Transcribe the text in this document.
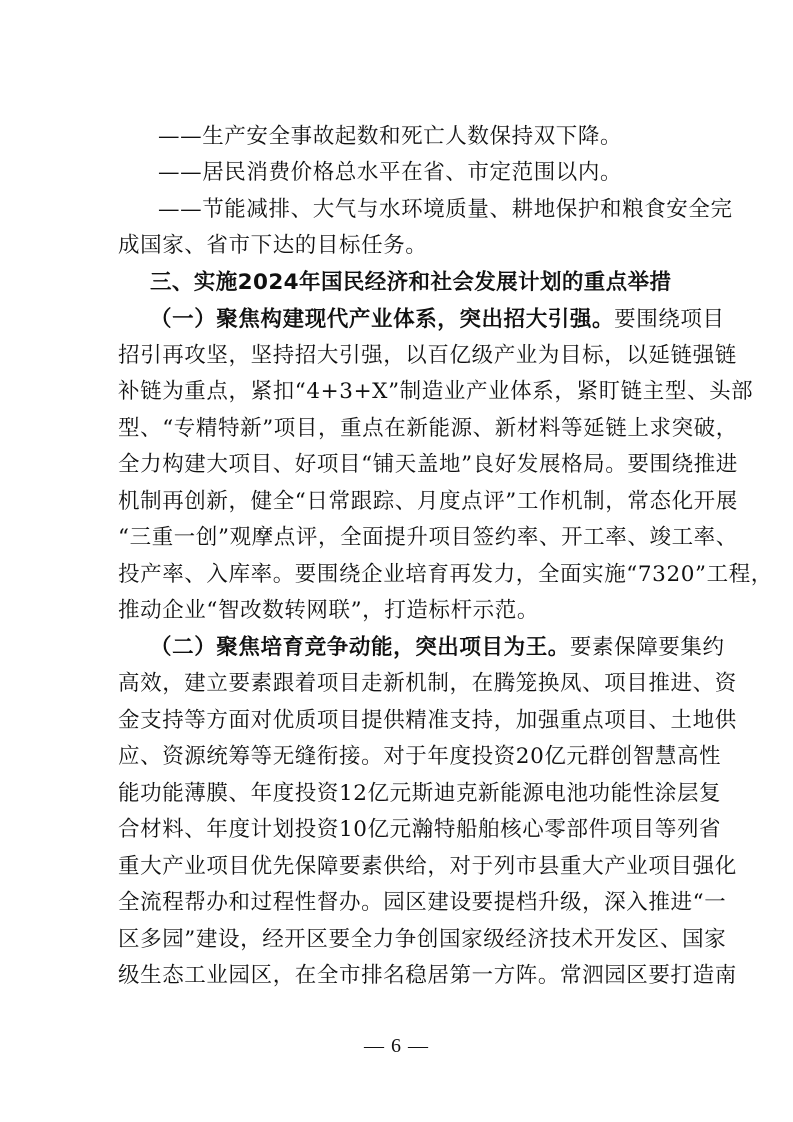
——生产安全事故起数和死亡人数保持双下降。
——居民消费价格总水平在省、市定范围以内。
——节能减排、大气与水环境质量、耕地保护和粮食安全完
成国家、省市下达的目标任务。
三、实施2024年国民经济和社会发展计划的重点举措
（一）聚焦构建现代产业体系，突出招大引强。要围绕项目
招引再攻坚，坚持招大引强，以百亿级产业为目标，以延链强链
补链为重点，紧扣“4+3+X”制造业产业体系，紧盯链主型、头部
型、“专精特新”项目，重点在新能源、新材料等延链上求突破，
全力构建大项目、好项目“铺天盖地”良好发展格局。要围绕推进
机制再创新，健全“日常跟踪、月度点评”工作机制，常态化开展
“三重一创”观摩点评，全面提升项目签约率、开工率、竣工率、
投产率、入库率。要围绕企业培育再发力，全面实施“7320”工程，
推动企业“智改数转网联”，打造标杆示范。
（二）聚焦培育竞争动能，突出项目为王。要素保障要集约
高效，建立要素跟着项目走新机制，在腾笼换凤、项目推进、资
金支持等方面对优质项目提供精准支持，加强重点项目、土地供
应、资源统筹等无缝衔接。对于年度投资20亿元群创智慧高性
能功能薄膜、年度投资12亿元斯迪克新能源电池功能性涂层复
合材料、年度计划投资10亿元瀚特船舶核心零部件项目等列省
重大产业项目优先保障要素供给，对于列市县重大产业项目强化
全流程帮办和过程性督办。园区建设要提档升级，深入推进“一
区多园”建设，经开区要全力争创国家级经济技术开发区、国家
级生态工业园区，在全市排名稳居第一方阵。常泗园区要打造南
— 6 —
